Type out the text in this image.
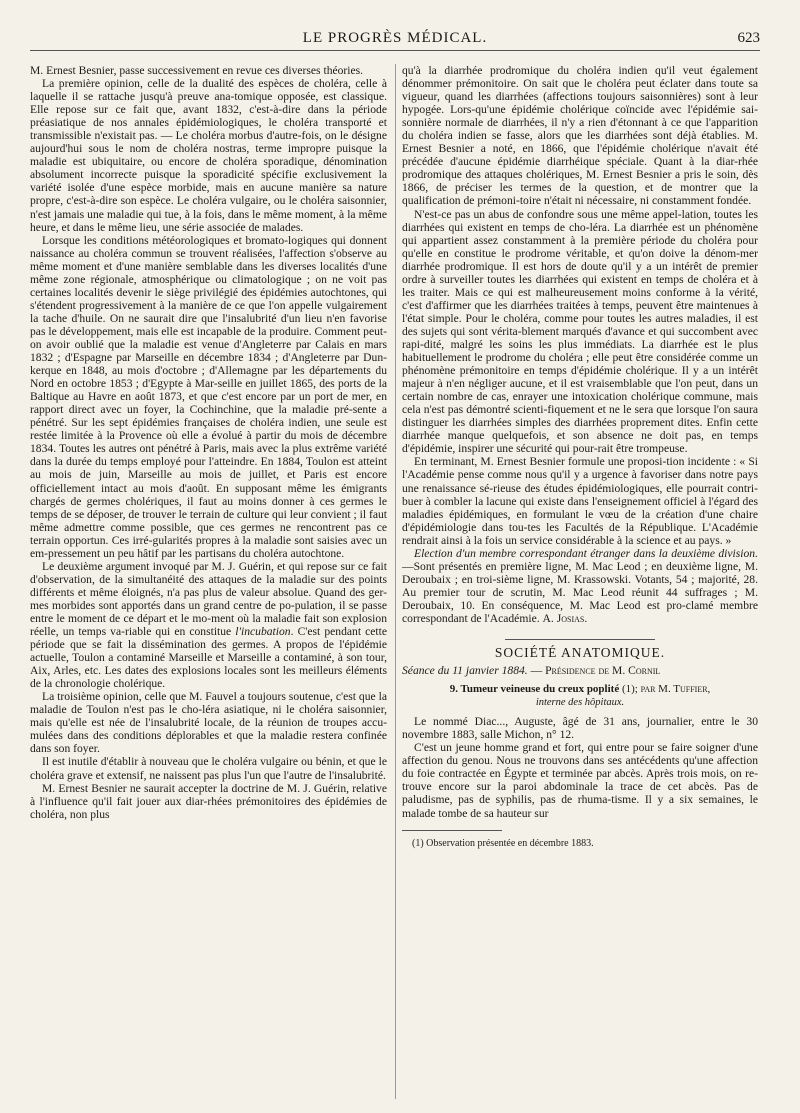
LE PROGRÈS MÉDICAL.	623

M. Ernest Besnier, passe successivement en revue ces diverses théories.

La première opinion, celle de la dualité des espèces de choléra, celle à laquelle il se rattache jusqu'à preuve ana-tomique opposée, est classique. Elle repose sur ce fait que, avant 1832, c'est-à-dire dans la période préasiatique de nos annales épidémiologiques, le choléra transporté et transmissible n'existait pas. — Le choléra morbus d'autre-fois, on le désigne aujourd'hui sous le nom de choléra nostras, terme impropre puisque la maladie est ubiquitaire, ou encore de choléra sporadique, dénomination absolument incorrecte puisque la sporadicité spécifie exclusivement la variété isolée d'une espèce morbide, mais en aucune manière sa nature propre, c'est-à-dire son espèce. Le choléra vulgaire, ou le choléra saisonnier, n'est jamais une maladie qui tue, à la fois, dans le même moment, à la même heure, et dans le même lieu, une série associée de malades.

Lorsque les conditions météorologiques et bromato-logiques qui donnent naissance au choléra commun se trouvent réalisées, l'affection s'observe au même moment et d'une manière semblable dans les diverses localités d'une même zone régionale, atmosphérique ou climatologique ; on ne voit pas certaines localités devenir le siège privilégié des épidémies autochtones, qui s'étendent progressivement à la manière de ce que l'on appelle vulgairement la tache d'huile. On ne saurait dire que l'insalubrité d'un lieu n'en favorise pas le développement, mais elle est incapable de la produire. Comment peut-on avoir oublié que la maladie est venue d'Angleterre par Calais en mars 1832 ; d'Espagne par Marseille en décembre 1834 ; d'Angleterre par Dun-kerque en 1848, au mois d'octobre ; d'Allemagne par les départements du Nord en octobre 1853 ; d'Egypte à Mar-seille en juillet 1865, des ports de la Baltique au Havre en août 1873, et que c'est encore par un port de mer, en rapport direct avec un foyer, la Cochinchine, que la maladie pré-sente a pénétré. Sur les sept épidémies françaises de choléra indien, une seule est restée limitée à la Provence où elle a évolué à partir du mois de décembre 1834. Toutes les autres ont pénétré à Paris, mais avec la plus extrême variété dans la durée du temps employé pour l'atteindre. En 1884, Toulon est atteint au mois de juin, Marseille au mois de juillet, et Paris est encore officiellement intact au mois d'août. En supposant même les émigrants chargés de germes cholériques, il faut au moins donner à ces germes le temps de se déposer, de trouver le terrain de culture qui leur convient ; il faut même admettre comme possible, que ces germes ne rencontrent pas ce terrain opportun. Ces irré-gularités propres à la maladie sont saisies avec un em-pressement un peu hâtif par les partisans du choléra autochtone.

Le deuxième argument invoqué par M. J. Guérin, et qui repose sur ce fait d'observation, de la simultanéité des attaques de la maladie sur des points différents et même éloignés, n'a pas plus de valeur absolue. Quand des ger-mes morbides sont apportés dans un grand centre de po-pulation, il se passe entre le moment de ce départ et le mo-ment où la maladie fait son explosion réelle, un temps va-riable qui en constitue l'incubation. C'est pendant cette période que se fait la dissémination des germes. A propos de l'épidémie actuelle, Toulon a contaminé Marseille et Marseille a contaminé, à son tour, Aix, Arles, etc. Les dates des explosions locales sont les meilleurs éléments de la chronologie cholérique.

La troisième opinion, celle que M. Fauvel a toujours soutenue, c'est que la maladie de Toulon n'est pas le cho-léra asiatique, ni le choléra saisonnier, mais qu'elle est née de l'insalubrité locale, de la réunion de troupes accu-mulées dans des conditions déplorables et que la maladie restera confinée dans son foyer.

Il est inutile d'établir à nouveau que le choléra vulgaire ou bénin, et que le choléra grave et extensif, ne naissent pas plus l'un que l'autre de l'insalubrité.

M. Ernest Besnier ne saurait accepter la doctrine de M. J. Guérin, relative à l'influence qu'il fait jouer aux diar-rhées prémonitoires des épidémies de choléra, non plus

qu'à la diarrhée prodromique du choléra indien qu'il veut également dénommer prémonitoire. On sait que le choléra peut éclater dans toute sa vigueur, quand les diarrhées (affections toujours saisonnières) sont à leur hypogée. Lors-qu'une épidémie cholérique coïncide avec l'épidémie sai-sonnière normale de diarrhées, il n'y a rien d'étonnant à ce que l'apparition du choléra indien se fasse, alors que les diarrhées sont déjà établies. M. Ernest Besnier a noté, en 1866, que l'épidémie cholérique n'avait été précédée d'aucune épidémie diarrhéique spéciale. Quant à la diar-rhée prodromique des attaques cholériques, M. Ernest Besnier a pris le soin, dès 1866, de préciser les termes de la question, et de montrer que la qualification de prémoni-toire n'était ni nécessaire, ni constamment fondée.

N'est-ce pas un abus de confondre sous une même appel-lation, toutes les diarrhées qui existent en temps de cho-léra. La diarrhée est un phénomène qui appartient assez constamment à la première période du choléra pour qu'elle en constitue le prodrome véritable, et qu'on doive la dénom-mer diarrhée prodromique. Il est hors de doute qu'il y a un intérêt de premier ordre à surveiller toutes les diarrhées qui existent en temps de choléra et à les traiter. Mais ce qui est malheureusement moins conforme à la vérité, c'est d'affirmer que les diarrhées traitées à temps, peuvent être maintenues à l'état simple. Pour le choléra, comme pour toutes les autres maladies, il est des sujets qui sont vérita-blement marqués d'avance et qui succombent avec rapi-dité, malgré les soins les plus immédiats. La diarrhée est le plus habituellement le prodrome du choléra ; elle peut être considérée comme un phénomène prémonitoire en temps d'épidémie cholérique. Il y a un intérêt majeur à n'en négliger aucune, et il est vraisemblable que l'on peut, dans un certain nombre de cas, enrayer une intoxication cholérique commune, mais cela n'est pas démontré scienti-fiquement et ne le sera que lorsque l'on saura distinguer les diarrhées simples des diarrhées proprement dites. Enfin cette diarrhée manque quelquefois, et son absence ne doit pas, en temps d'épidémie, inspirer une sécurité qui pour-rait être trompeuse.

En terminant, M. Ernest Besnier formule une proposi-tion incidente : « Si l'Académie pense comme nous qu'il y a urgence à favoriser dans notre pays une renaissance sé-rieuse des études épidémiologiques, elle pourrait contri-buer à combler la lacune qui existe dans l'enseignement officiel à l'égard des maladies épidémiques, en formulant le vœu de la création d'une chaire d'épidémiologie dans tou-tes les Facultés de la République. L'Académie rendrait ainsi à la fois un service considérable à la science et au pays. »

Election d'un membre correspondant étranger dans la deuxième division.—Sont présentés en première ligne, M. Mac Leod ; en deuxième ligne, M. Deroubaix ; en troi-sième ligne, M. Krassowski. Votants, 54 ; majorité, 28. Au premier tour de scrutin, M. Mac Leod réunit 44 suffrages ; M. Deroubaix, 10. En conséquence, M. Mac Leod est pro-clamé membre correspondant de l'Académie. A. Josias.

SOCIÉTÉ ANATOMIQUE.

Séance du 11 janvier 1884. — Présidence de M. Cornil

9. Tumeur veineuse du creux poplité (1); par M. Tuffier,

interne des hôpitaux.

Le nommé Diac..., Auguste, âgé de 31 ans, journalier, entre le 30 novembre 1883, salle Michon, n° 12.

C'est un jeune homme grand et fort, qui entre pour se faire soigner d'une affection du genou. Nous ne trouvons dans ses antécédents qu'une affection du foie contractée en Égypte et terminée par abcès. Après trois mois, on re-trouve encore sur la paroi abdominale la trace de cet abcès. Pas de paludisme, pas de syphilis, pas de rhuma-tisme. Il y a six semaines, le malade tombe de sa hauteur sur

(1) Observation présentée en décembre 1883.
